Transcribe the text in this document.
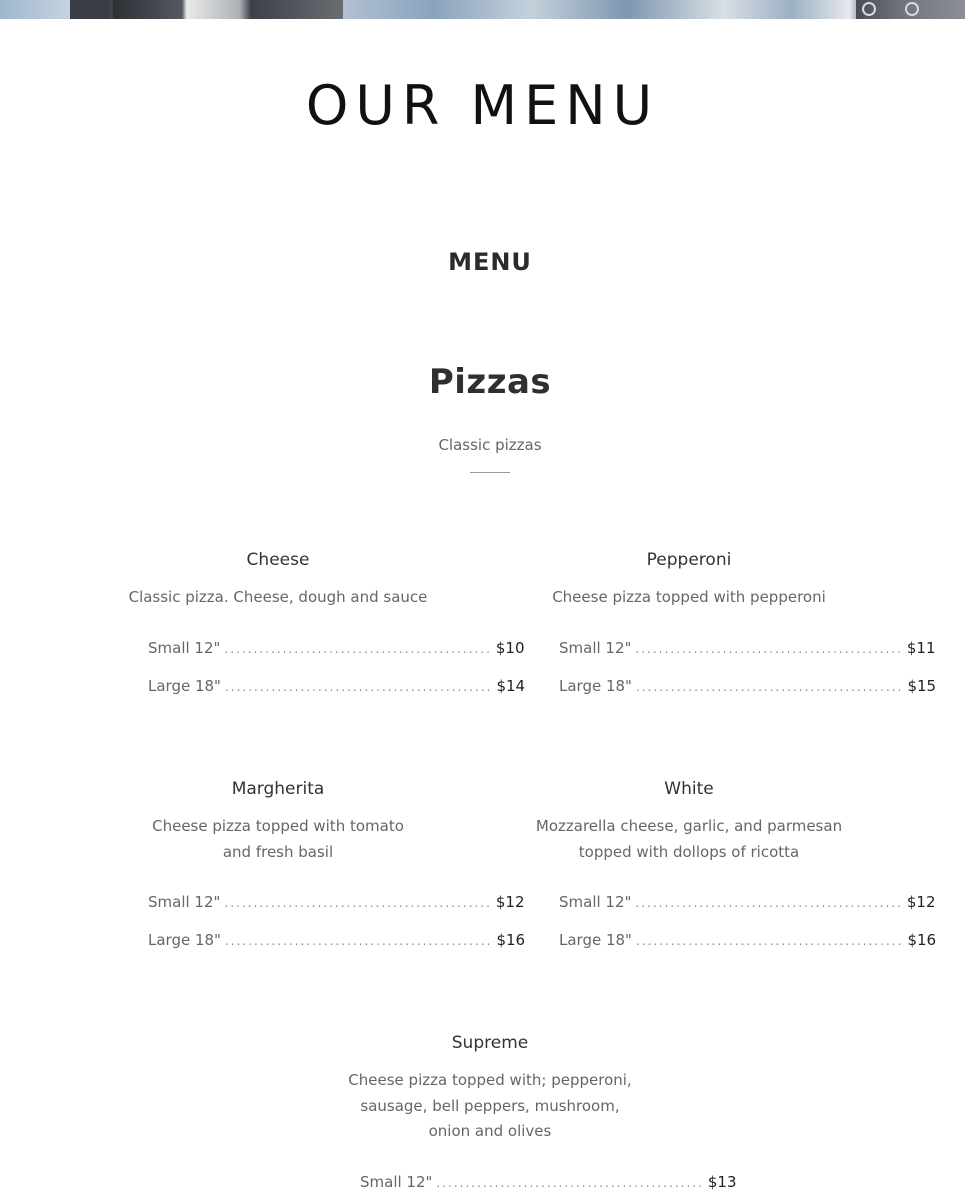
OUR MENU
MENU
Pizzas

Classic pizzas

Cheese
Classic pizza. Cheese, dough and sauce
Small 12" .............................................. $10
Large 18" .............................................. $14
Pepperoni
Cheese pizza topped with pepperoni
Small 12" .............................................. $11
Large 18" .............................................. $15
Margherita
Cheese pizza topped with tomato and fresh basil
Small 12" .............................................. $12
Large 18" .............................................. $16
White
Mozzarella cheese, garlic, and parmesan topped with dollops of ricotta
Small 12" .............................................. $12
Large 18" .............................................. $16
Supreme
Cheese pizza topped with; pepperoni, sausage, bell peppers, mushroom, onion and olives
Small 12" .............................................. $13
